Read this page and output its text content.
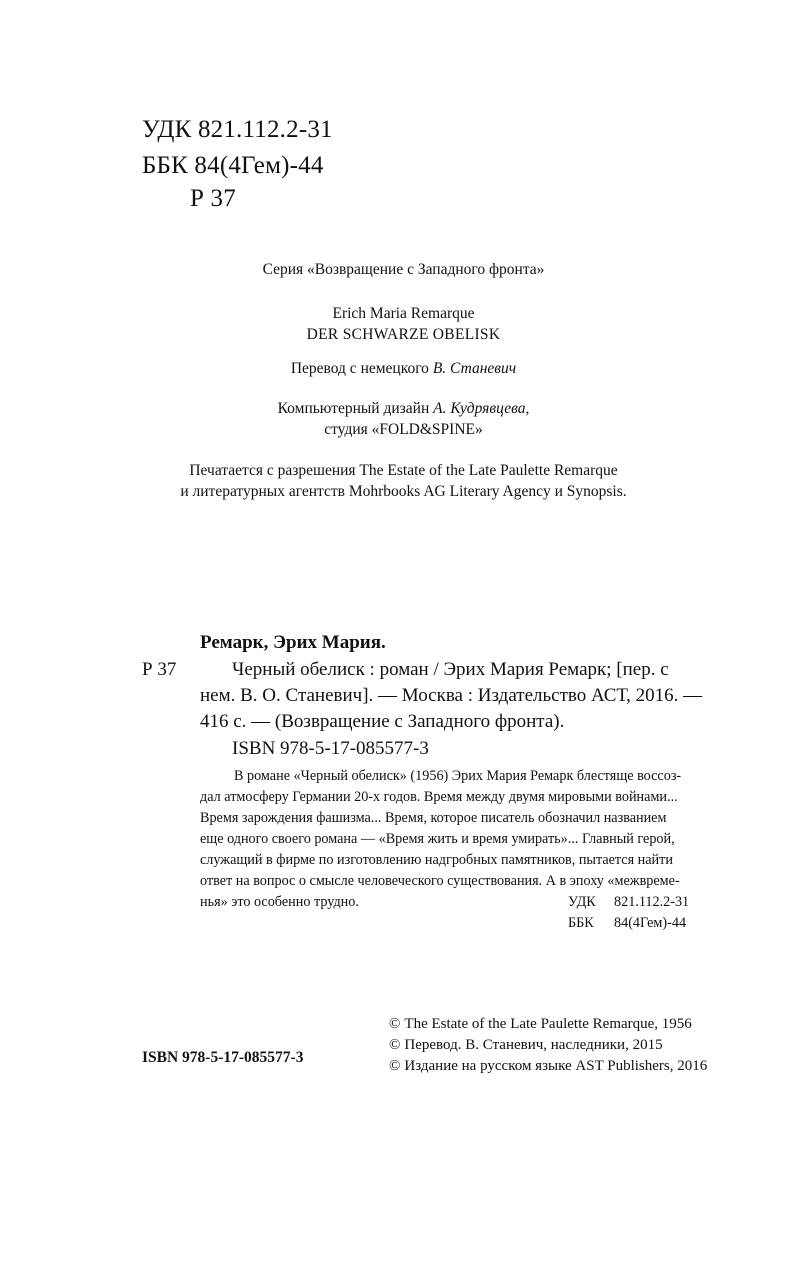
УДК 821.112.2-31
ББК 84(4Гем)-44
Р 37
Серия «Возвращение с Западного фронта»
Erich Maria Remarque
DER SCHWARZE OBELISK
Перевод с немецкого В. Станевич
Компьютерный дизайн А. Кудрявцева,
студия «FOLD&SPINE»
Печатается с разрешения The Estate of the Late Paulette Remarque
и литературных агентств Mohrbooks AG Literary Agency и Synopsis.
Ремарк, Эрих Мария.
Р 37	Черный обелиск : роман / Эрих Мария Ремарк; [пер. с
нем. В. О. Станевич]. — Москва : Издательство АСТ, 2016. —
416 с. — (Возвращение с Западного фронта).
ISBN 978-5-17-085577-3
В романе «Черный обелиск» (1956) Эрих Мария Ремарк блестяще воссоз-
дал атмосферу Германии 20-х годов. Время между двумя мировыми войнами...
Время зарождения фашизма... Время, которое писатель обозначил названием
еще одного своего романа — «Время жить и время умирать»... Главный герой,
служащий в фирме по изготовлению надгробных памятников, пытается найти
ответ на вопрос о смысле человеческого существования. А в эпоху «межвреме-
нья» это особенно трудно.	УДК 821.112.2-31
ББК 84(4Гем)-44
ISBN 978-5-17-085577-3
© The Estate of the Late Paulette Remarque, 1956
© Перевод. В. Станевич, наследники, 2015
© Издание на русском языке AST Publishers, 2016
